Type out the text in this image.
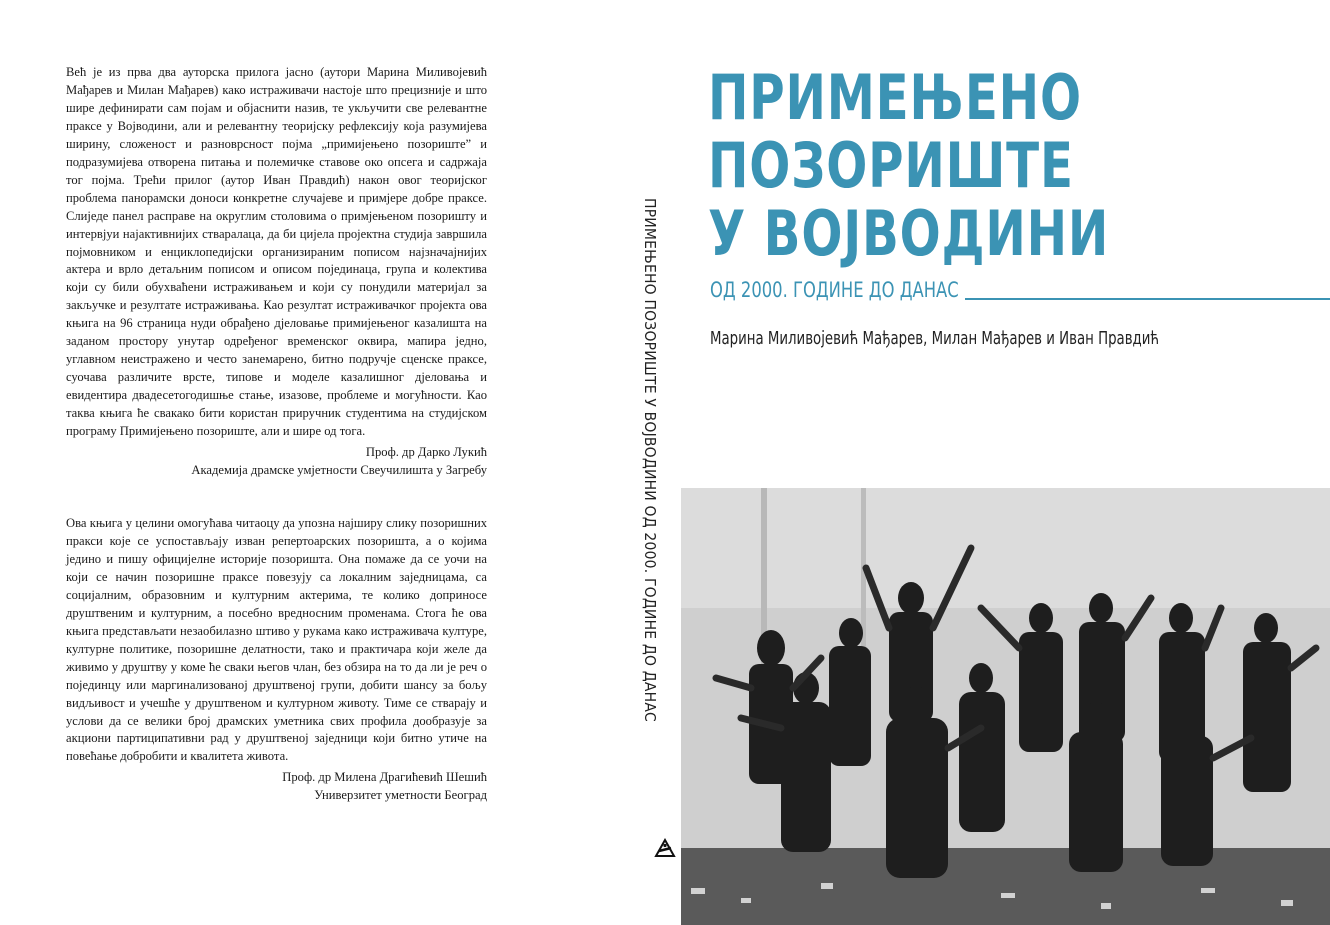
Већ је из прва два ауторска прилога јасно (аутори Марина Миливојевић Мађарев и Милан Мађарев) како истраживачи настоје што прецизније и што шире дефинирати сам појам и објаснити назив, те укључити све релевантне праксе у Војводини, али и релевантну теоријску рефлексију која разумијева ширину, сложеност и разноврсност појма „примијењено позориште” и подразумијева отворена питања и полемичке ставове око опсега и садржаја тог појма. Трећи прилог (аутор Иван Правдић) након овог теоријског проблема панорамски доноси конкретне случајеве и примјере добре праксе. Слиједе панел расправе на округлим столовима о примјењеном позоришту и интервјуи најактивнијих стваралаца, да би цијела пројектна студија завршила појмовником и енциклопедијски организираним пописом најзначајнијих актера и врло детаљним пописом и описом појединаца, група и колектива који су били обухваћени истраживањем и који су понудили материјал за закључке и резултате истраживања. Као резултат истраживачког пројекта ова књига на 96 страница нуди обрађено дјеловање примијењеног казалишта на заданом простору унутар одређеног временског оквира, мапира једно, углавном неистражено и често занемарено, битно подручје сценске праксе, суочава различите врсте, типове и моделе казалишног дјеловања и евидентира двадесетогодишње стање, изазове, проблеме и могућности. Као таква књига ће свакако бити користан приручник студентима на студијском програму Примијењено позориште, али и шире од тога.

Проф. др Дарко Лукић

Академија драмске умјетности Свеучилишта у Загребу

Ова књига у целини омогућава читаоцу да упозна најширу слику позоришних пракси које се успостављају изван репертоарских позоришта, а о којима једино и пишу официјелне историје позоришта. Она помаже да се уочи на који се начин позоришне праксе повезују са локалним заједницама, са социјалним, образовним и културним актерима, те колико доприносе друштвеним и културним, а посебно вредносним променама. Стога ће ова књига представљати незаобилазно штиво у рукама како истраживача културе, културне политике, позоришне делатности, тако и практичара који желе да живимо у друштву у коме ће сваки његов члан, без обзира на то да ли је реч о појединцу или маргинализованој друштвеној групи, добити шансу за бољу видљивост и учешће у друштвеном и културном животу. Тиме се стварају и услови да се велики број драмских уметника свих профила дообразује за акциони партиципативни рад у друштвеној заједници који битно утиче на повећање добробити и квалитета живота.

Проф. др Милена Драгићевић Шешић

Универзитет уметности Београд

ПРИМЕЊЕНО ПОЗОРИШТЕ У ВОЈВОДИНИ ОД 2000. ГОДИНЕ ДО ДАНАС
ПРИМЕЊЕНО
ПОЗОРИШТЕ
У ВОЈВОДИНИ
ОД 2000. ГОДИНЕ ДО ДАНАС
Марина Миливојевић Мађарев, Милан Мађарев и Иван Правдић
